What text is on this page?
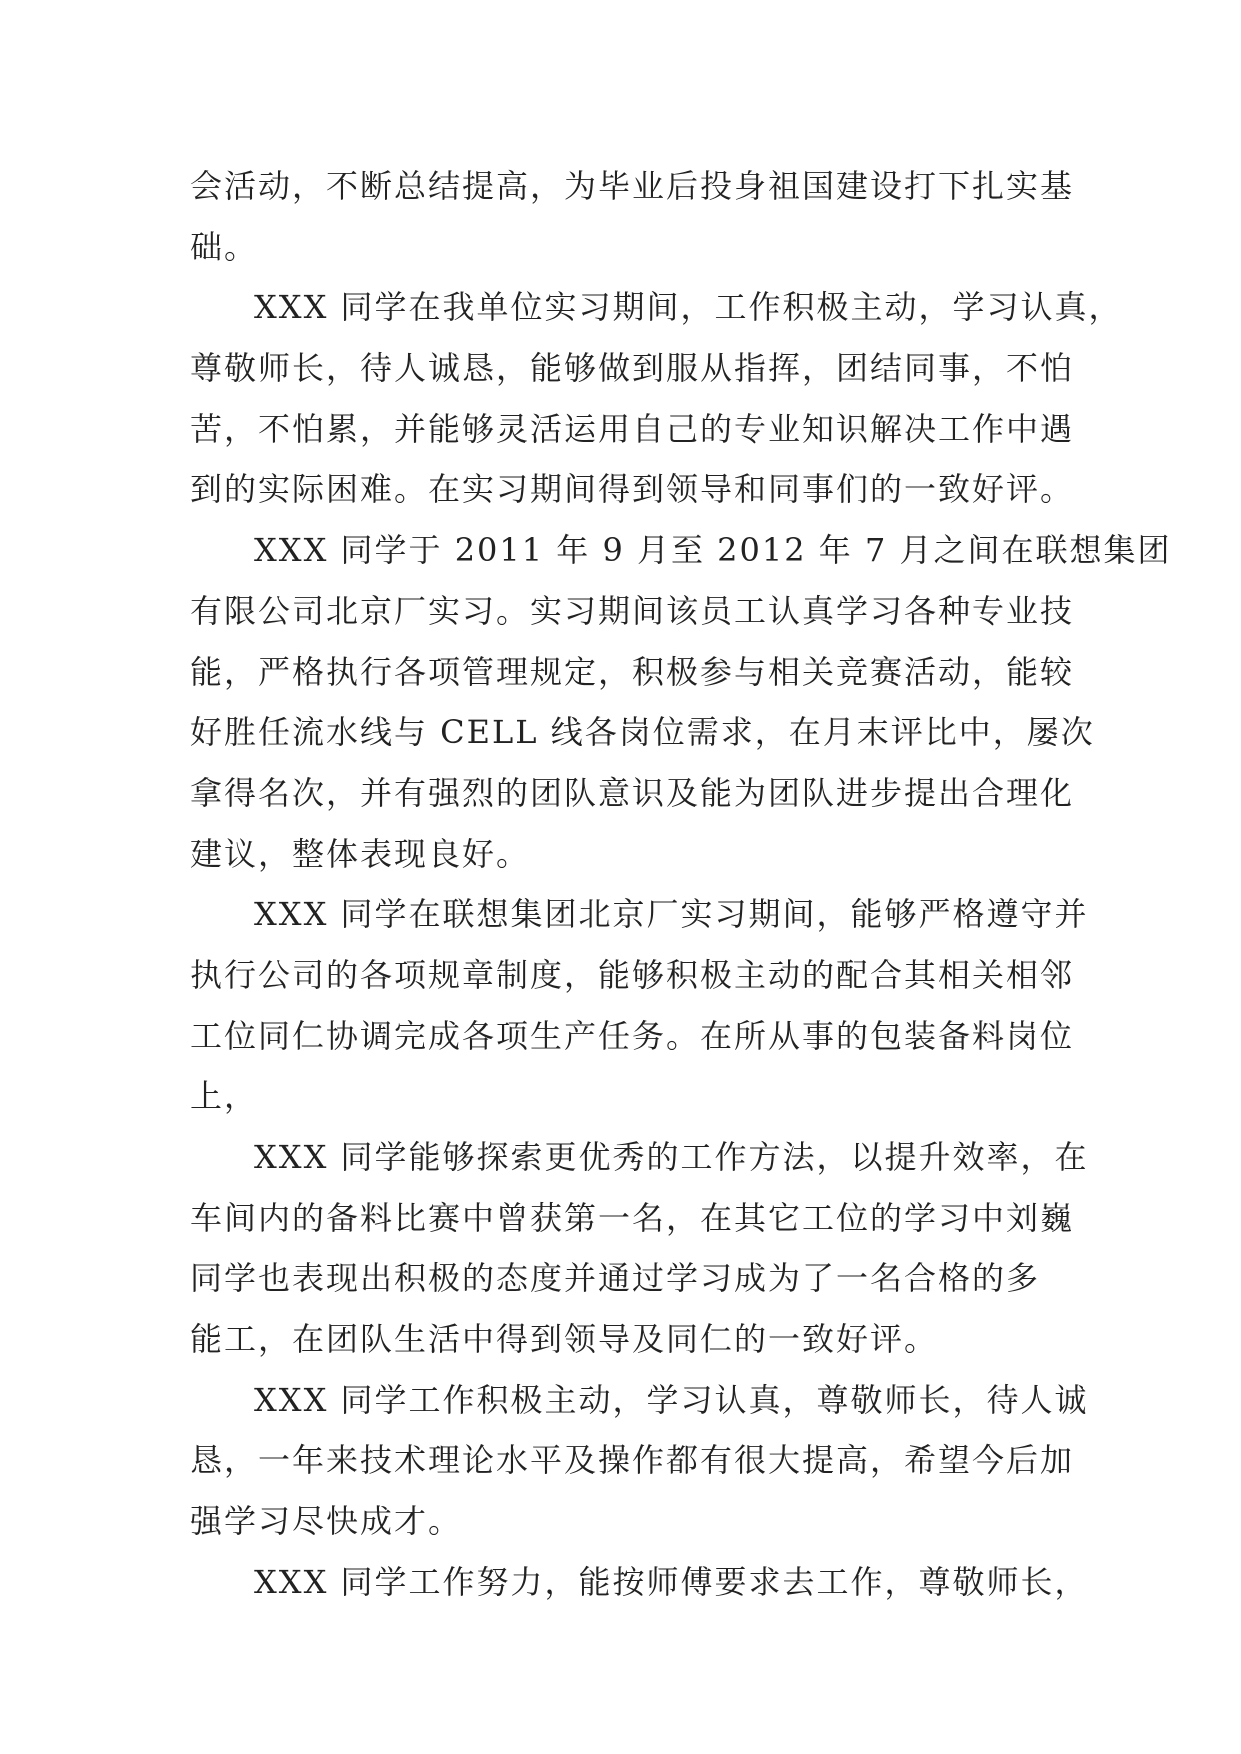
会活动，不断总结提高，为毕业后投身祖国建设打下扎实基
础。
XXX 同学在我单位实习期间，工作积极主动，学习认真，
尊敬师长，待人诚恳，能够做到服从指挥，团结同事，不怕
苦，不怕累，并能够灵活运用自己的专业知识解决工作中遇
到的实际困难。在实习期间得到领导和同事们的一致好评。
XXX 同学于 2011 年 9 月至 2012 年 7 月之间在联想集团
有限公司北京厂实习。实习期间该员工认真学习各种专业技
能，严格执行各项管理规定，积极参与相关竞赛活动，能较
好胜任流水线与 CELL 线各岗位需求，在月末评比中，屡次
拿得名次，并有强烈的团队意识及能为团队进步提出合理化
建议，整体表现良好。
XXX 同学在联想集团北京厂实习期间，能够严格遵守并
执行公司的各项规章制度，能够积极主动的配合其相关相邻
工位同仁协调完成各项生产任务。在所从事的包装备料岗位
上，
XXX 同学能够探索更优秀的工作方法，以提升效率，在
车间内的备料比赛中曾获第一名，在其它工位的学习中刘巍
同学也表现出积极的态度并通过学习成为了一名合格的多
能工，在团队生活中得到领导及同仁的一致好评。
XXX 同学工作积极主动，学习认真，尊敬师长，待人诚
恳，一年来技术理论水平及操作都有很大提高，希望今后加
强学习尽快成才。
XXX 同学工作努力，能按师傅要求去工作，尊敬师长，
